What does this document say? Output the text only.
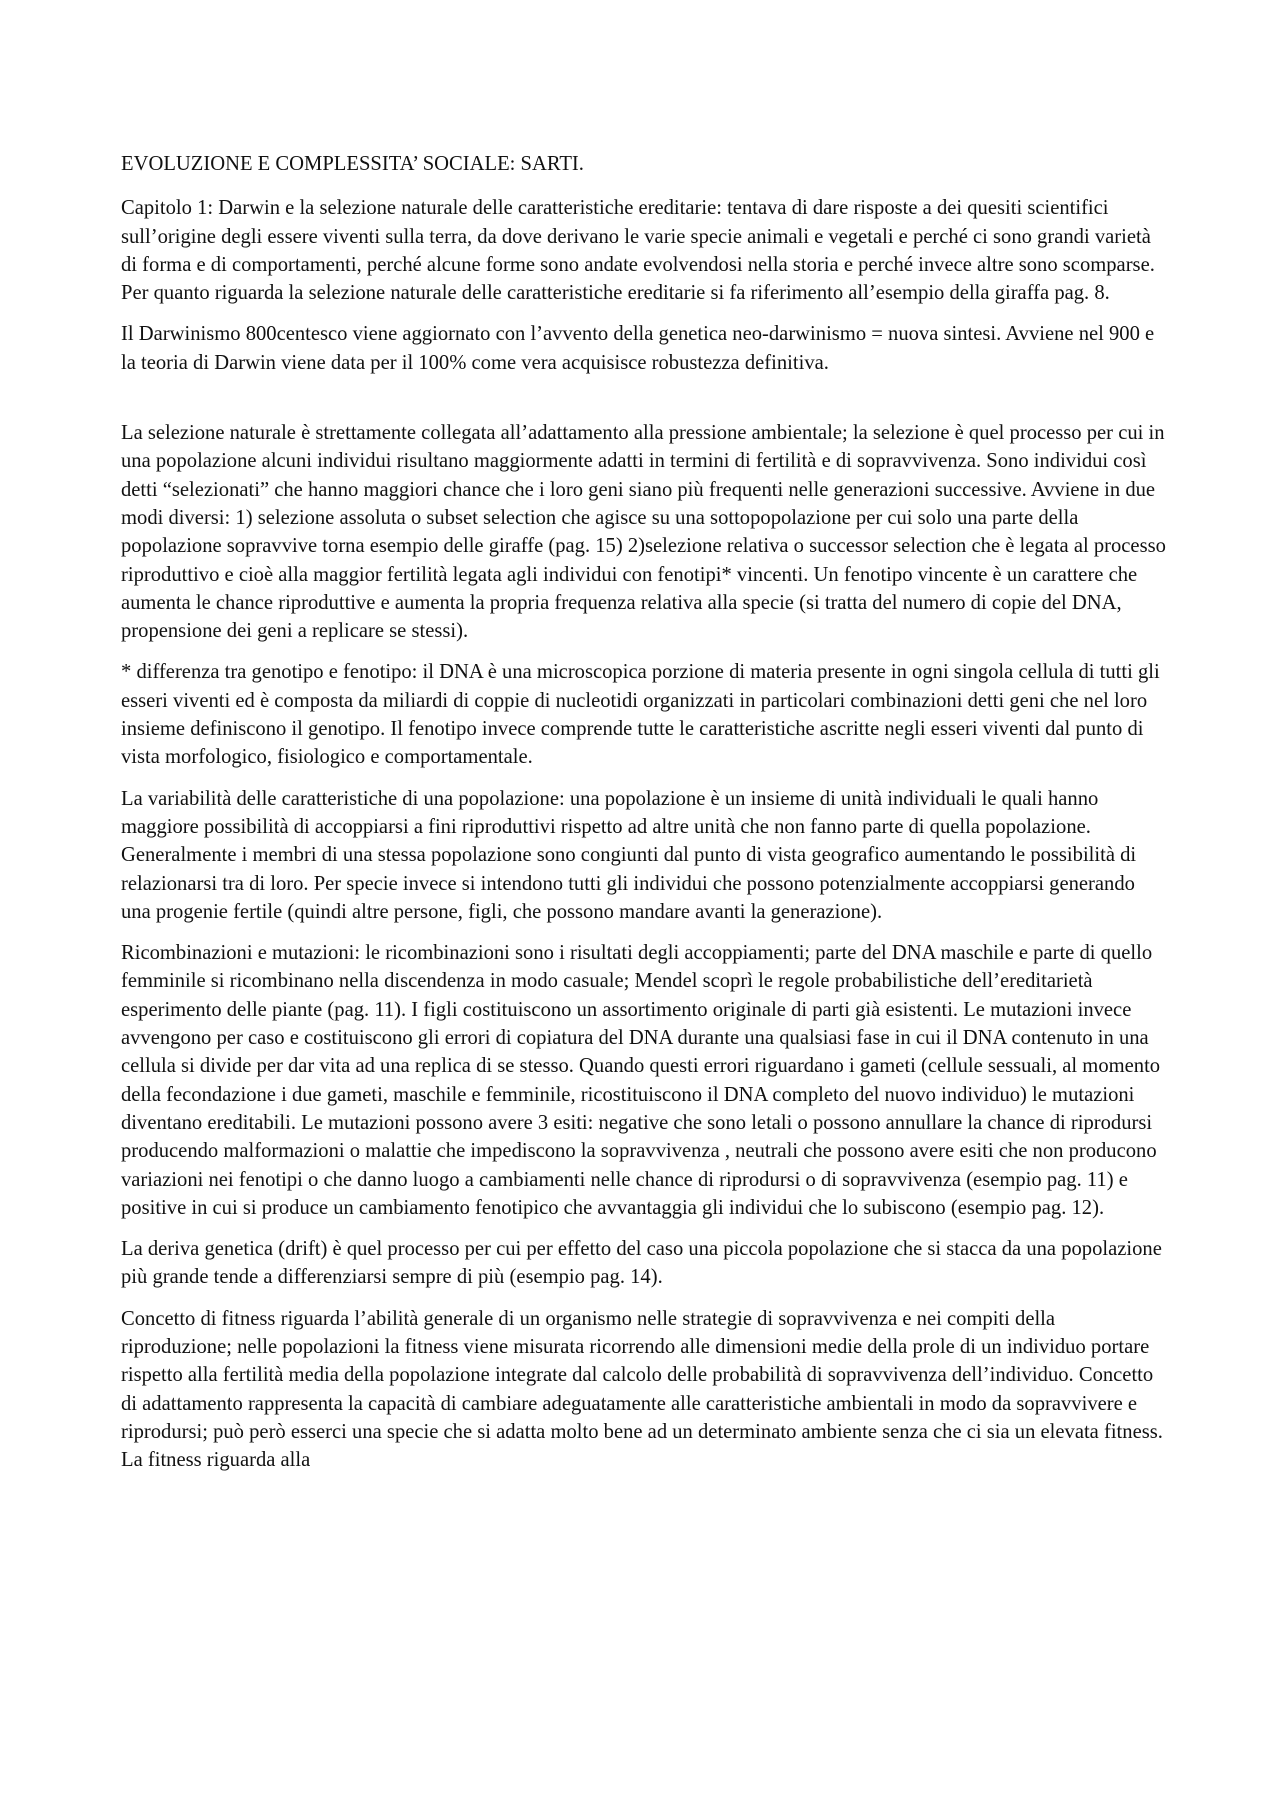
EVOLUZIONE E COMPLESSITA’ SOCIALE: SARTI.

Capitolo 1: Darwin e la selezione naturale delle caratteristiche ereditarie: tentava di dare risposte a dei quesiti scientifici sull’origine degli essere viventi sulla terra, da dove derivano le varie specie animali e vegetali e perché ci sono grandi varietà di forma e di comportamenti, perché alcune forme sono andate evolvendosi nella storia e perché invece altre sono scomparse. Per quanto riguarda la selezione naturale delle caratteristiche ereditarie si fa riferimento all’esempio della giraffa pag. 8.

Il Darwinismo 800centesco viene aggiornato con l’avvento della genetica neo-darwinismo = nuova sintesi. Avviene nel 900 e la teoria di Darwin viene data per il 100% come vera acquisisce robustezza definitiva.

La selezione naturale è strettamente collegata all’adattamento alla pressione ambientale; la selezione è quel processo per cui in una popolazione alcuni individui risultano maggiormente adatti in termini di fertilità e di sopravvivenza. Sono individui così detti “selezionati” che hanno maggiori chance che i loro geni siano più frequenti nelle generazioni successive. Avviene in due modi diversi: 1) selezione assoluta o subset selection che agisce su una sottopopolazione per cui solo una parte della popolazione sopravvive torna esempio delle giraffe (pag. 15) 2)selezione relativa o successor selection che è legata al processo riproduttivo e cioè alla maggior fertilità legata agli individui con fenotipi* vincenti. Un fenotipo vincente è un carattere che aumenta le chance riproduttive e aumenta la propria frequenza relativa alla specie (si tratta del numero di copie del DNA, propensione dei geni a replicare se stessi).

* differenza tra genotipo e fenotipo: il DNA è una microscopica porzione di materia presente in ogni singola cellula di tutti gli esseri viventi ed è composta da miliardi di coppie di nucleotidi organizzati in particolari combinazioni detti geni che nel loro insieme definiscono il genotipo. Il fenotipo invece comprende tutte le caratteristiche ascritte negli esseri viventi dal punto di vista morfologico, fisiologico e comportamentale.

La variabilità delle caratteristiche di una popolazione: una popolazione è un insieme di unità individuali le quali hanno maggiore possibilità di accoppiarsi a fini riproduttivi rispetto ad altre unità che non fanno parte di quella popolazione. Generalmente i membri di una stessa popolazione sono congiunti dal punto di vista geografico aumentando le possibilità di relazionarsi tra di loro. Per specie invece si intendono tutti gli individui che possono potenzialmente accoppiarsi generando una progenie fertile (quindi altre persone, figli, che possono mandare avanti la generazione).

Ricombinazioni e mutazioni: le ricombinazioni sono i risultati degli accoppiamenti; parte del DNA maschile e parte di quello femminile si ricombinano nella discendenza in modo casuale; Mendel scoprì le regole probabilistiche dell’ereditarietà esperimento delle piante (pag. 11). I figli costituiscono un assortimento originale di parti già esistenti. Le mutazioni invece avvengono per caso e costituiscono gli errori di copiatura del DNA durante una qualsiasi fase in cui il DNA contenuto in una cellula si divide per dar vita ad una replica di se stesso. Quando questi errori riguardano i gameti (cellule sessuali, al momento della fecondazione i due gameti, maschile e femminile, ricostituiscono il DNA completo del nuovo individuo) le mutazioni diventano ereditabili. Le mutazioni possono avere 3 esiti: negative che sono letali o possono annullare la chance di riprodursi producendo malformazioni o malattie che impediscono la sopravvivenza , neutrali che possono avere esiti che non producono variazioni nei fenotipi o che danno luogo a cambiamenti nelle chance di riprodursi o di sopravvivenza (esempio pag. 11) e positive in cui si produce un cambiamento fenotipico che avvantaggia gli individui che lo subiscono (esempio pag. 12).

La deriva genetica (drift) è quel processo per cui per effetto del caso una piccola popolazione che si stacca da una popolazione più grande tende a differenziarsi sempre di più (esempio pag. 14).

Concetto di fitness riguarda l’abilità generale di un organismo nelle strategie di sopravvivenza e nei compiti della riproduzione; nelle popolazioni la fitness viene misurata ricorrendo alle dimensioni medie della prole di un individuo portare rispetto alla fertilità media della popolazione integrate dal calcolo delle probabilità di sopravvivenza dell’individuo. Concetto di adattamento rappresenta la capacità di cambiare adeguatamente alle caratteristiche ambientali in modo da sopravvivere e riprodursi; può però esserci una specie che si adatta molto bene ad un determinato ambiente senza che ci sia un elevata fitness. La fitness riguarda alla
